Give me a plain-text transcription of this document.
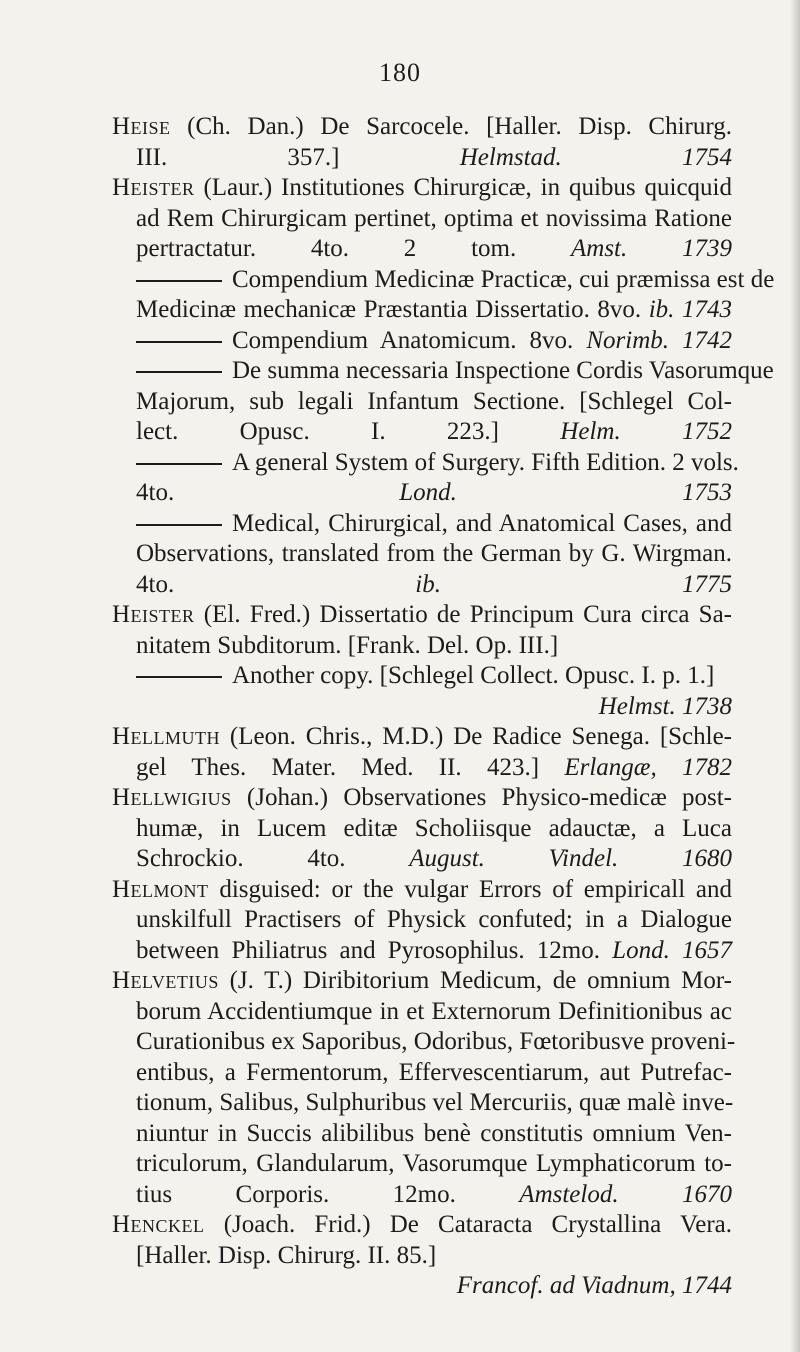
180
Heise (Ch. Dan.) De Sarcocele. [Haller. Disp. Chirurg.
III. 357.]	Helmstad. 1754
Heister (Laur.) Institutiones Chirurgicæ, in quibus quicquid
ad Rem Chirurgicam pertinet, optima et novissima Ratione
pertractatur. 4to. 2 tom. Amst. 1739
Compendium Medicinæ Practicæ, cui præmissa est de
Medicinæ mechanicæ Præstantia Dissertatio. 8vo. ib. 1743
Compendium Anatomicum. 8vo. Norimb. 1742
De summa necessaria Inspectione Cordis Vasorumque
Majorum, sub legali Infantum Sectione. [Schlegel Col-
lect. Opusc. I. 223.] Helm. 1752
A general System of Surgery. Fifth Edition. 2 vols.
4to.	Lond. 1753
Medical, Chirurgical, and Anatomical Cases, and
Observations, translated from the German by G. Wirgman.
4to.	ib. 1775
Heister (El. Fred.) Dissertatio de Principum Cura circa Sa-
nitatem Subditorum. [Frank. Del. Op. III.]
Another copy. [Schlegel Collect. Opusc. I. p. 1.]
Helmst. 1738
Hellmuth (Leon. Chris., M.D.) De Radice Senega. [Schle-
gel Thes. Mater. Med. II. 423.] Erlangæ, 1782
Hellwigius (Johan.) Observationes Physico-medicæ post-
humæ, in Lucem editæ Scholiisque adauctæ, a Luca
Schrockio. 4to.	August. Vindel. 1680
Helmont disguised: or the vulgar Errors of empiricall and
unskilfull Practisers of Physick confuted; in a Dialogue
between Philiatrus and Pyrosophilus. 12mo. Lond. 1657
Helvetius (J. T.) Diribitorium Medicum, de omnium Mor-
borum Accidentiumque in et Externorum Definitionibus ac
Curationibus ex Saporibus, Odoribus, Fœtoribusve proveni-
entibus, a Fermentorum, Effervescentiarum, aut Putrefac-
tionum, Salibus, Sulphuribus vel Mercuriis, quæ malè inve-
niuntur in Succis alibilibus benè constitutis omnium Ven-
triculorum, Glandularum, Vasorumque Lymphaticorum to-
tius Corporis. 12mo.	Amstelod. 1670
Henckel (Joach. Frid.) De Cataracta Crystallina Vera.
[Haller. Disp. Chirurg. II. 85.]
Francof. ad Viadnum, 1744
